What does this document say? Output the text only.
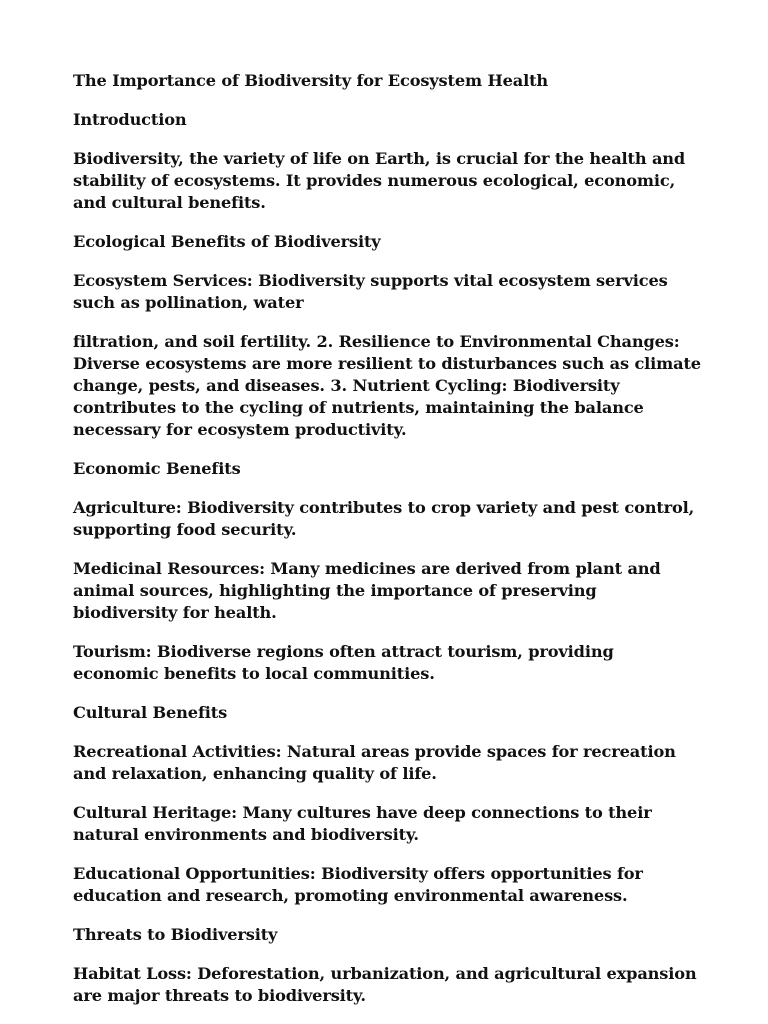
The Importance of Biodiversity for Ecosystem Health

Introduction

Biodiversity, the variety of life on Earth, is crucial for the health and stability of ecosystems. It provides numerous ecological, economic, and cultural benefits.

Ecological Benefits of Biodiversity

Ecosystem Services: Biodiversity supports vital ecosystem services such as pollination, water

filtration, and soil fertility. 2. Resilience to Environmental Changes: Diverse ecosystems are more resilient to disturbances such as climate change, pests, and diseases. 3. Nutrient Cycling: Biodiversity contributes to the cycling of nutrients, maintaining the balance necessary for ecosystem productivity.

Economic Benefits

Agriculture: Biodiversity contributes to crop variety and pest control, supporting food security.

Medicinal Resources: Many medicines are derived from plant and animal sources, highlighting the importance of preserving biodiversity for health.

Tourism: Biodiverse regions often attract tourism, providing economic benefits to local communities.

Cultural Benefits

Recreational Activities: Natural areas provide spaces for recreation and relaxation, enhancing quality of life.

Cultural Heritage: Many cultures have deep connections to their natural environments and biodiversity.

Educational Opportunities: Biodiversity offers opportunities for education and research, promoting environmental awareness.

Threats to Biodiversity

Habitat Loss: Deforestation, urbanization, and agricultural expansion are major threats to biodiversity.
